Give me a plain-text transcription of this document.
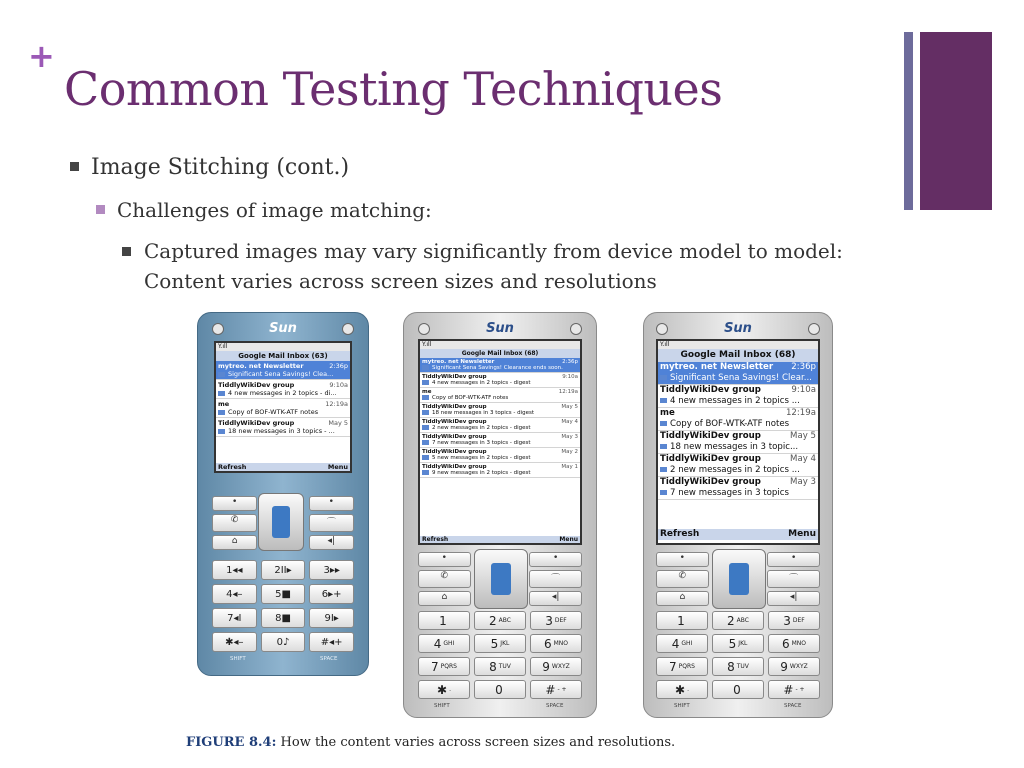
+
Common Testing Techniques
Image Stitching (cont.)
Challenges of image matching:
Captured images may vary significantly from device model to model: Content varies across screen sizes and resolutions
Sun
Y.ıll
Google Mail Inbox (63)
mytreo. net Newsletter	2:36p
Significant Sena Savings! Clea...
TiddlyWikiDev group	9:10a
4 new messages in 2 topics - di...
me	12:19a
Copy of BOF-WTK-ATF notes
TiddlyWikiDev group	May 5
18 new messages in 3 topics - ...
Refresh	Menu
•	•
✆	⌒
⌂	◂|
1◂◂	2II▸	3▸▸
4◂–	5■	6▸+
7◂I	8■	9I▸
✱◂–	0♪	#◂+
SHIFT	SPACE
Sun
Y.ıll
Google Mail Inbox (68)
mytreo. net Newsletter	2:36p
Significant Sena Savings! Clearance ends soon.
TiddlyWikiDev group	9:10a
4 new messages in 2 topics - digest
me	12:19a
Copy of BOF-WTK-ATF notes
TiddlyWikiDev group	May 5
18 new messages in 3 topics - digest
TiddlyWikiDev group	May 4
2 new messages in 2 topics - digest
TiddlyWikiDev group	May 3
7 new messages in 3 topics - digest
TiddlyWikiDev group	May 2
5 new messages in 2 topics - digest
TiddlyWikiDev group	May 1
9 new messages in 2 topics - digest
Refresh	Menu
•	•
✆	⌒
⌂	◂|
1	2 ABC	3 DEF
4 GHI	5 JKL	6 MNO
7 PQRS	8 TUV	9 WXYZ
✱ .	0	# - +
SHIFT	SPACE
Sun
Y.ıll
Google Mail Inbox (68)
mytreo. net Newsletter 2:36p
Significant Sena Savings! Clear...
TiddlyWikiDev group	9:10a
4 new messages in 2 topics ...
me	12:19a
Copy of BOF-WTK-ATF notes
TiddlyWikiDev group	May 5
18 new messages in 3 topic...
TiddlyWikiDev group	May 4
2 new messages in 2 topics ...
TiddlyWikiDev group	May 3
7 new messages in 3 topics
Refresh	Menu
•	•
✆	⌒
⌂	◂|
1	2 ABC	3 DEF
4 GHI	5 JKL	6 MNO
7 PQRS	8 TUV	9 WXYZ
✱ .	0	# - +
SHIFT	SPACE
FIGURE 8.4: How the content varies across screen sizes and resolutions.
